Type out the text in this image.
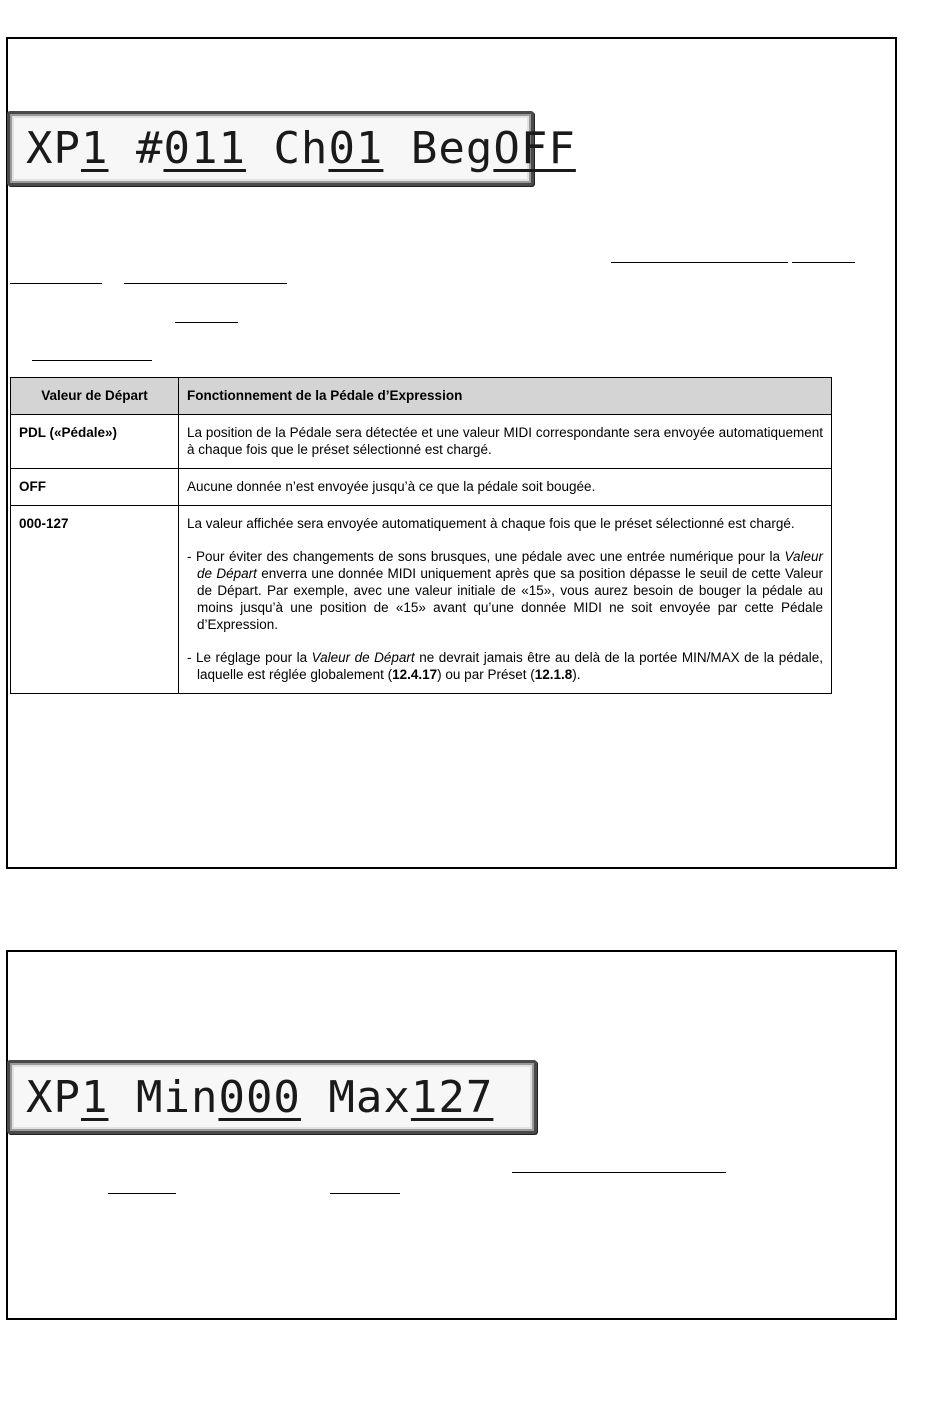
XP1 #011 Ch01 BegOFF
Valeur de Départ	Fonctionnement de la Pédale d’Expression
PDL («Pédale»)	La position de la Pédale sera détectée et une valeur MIDI correspondante sera envoyée automatiquement à chaque fois que le préset sélectionné est chargé.
OFF	Aucune donnée n’est envoyée jusqu’à ce que la pédale soit bougée.
000-127	La valeur affichée sera envoyée automatiquement à chaque fois que le préset sélectionné est chargé.

- Pour éviter des changements de sons brusques, une pédale avec une entrée numérique pour la Valeur de Départ enverra une donnée MIDI uniquement après que sa position dépasse le seuil de cette Valeur de Départ. Par exemple, avec une valeur initiale de «15», vous aurez besoin de bouger la pédale au moins jusqu’à une position de «15» avant qu’une donnée MIDI ne soit envoyée par cette Pédale d’Expression.

- Le réglage pour la Valeur de Départ ne devrait jamais être au delà de la portée MIN/MAX de la pédale, laquelle est réglée globalement (12.4.17) ou par Préset (12.1.8).

XP1 Min000 Max127
